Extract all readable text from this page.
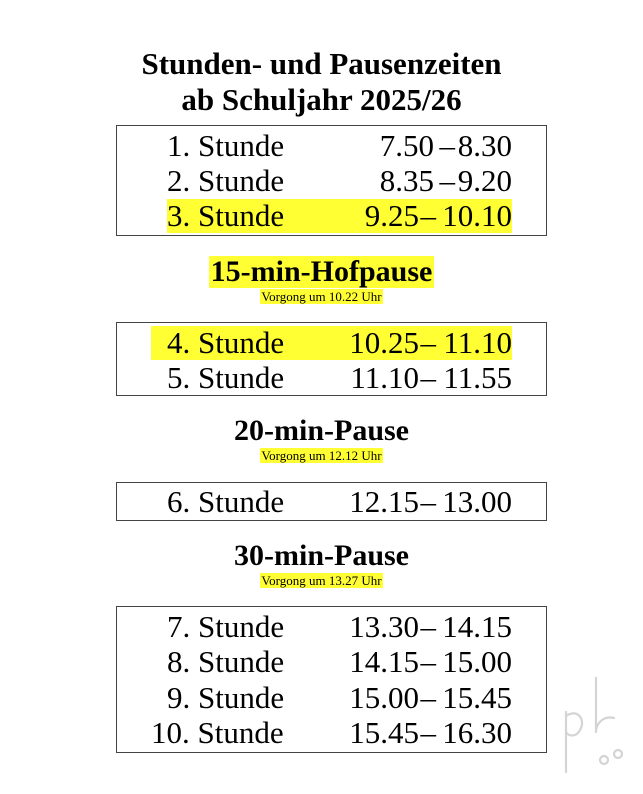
Stunden- und Pausenzeiten
ab Schuljahr 2025/26
1. Stunde	7.50 – 8.30
2. Stunde	8.35 – 9.20
3. Stunde	9.25 – 10.10
15-min-Hofpause
Vorgong um 10.22 Uhr
4. Stunde 10.25 – 11.10
5. Stunde 11.10 – 11.55
20-min-Pause
Vorgong um 12.12 Uhr
6. Stunde 12.15 – 13.00
30-min-Pause
Vorgong um 13.27 Uhr
7. Stunde 13.30 – 14.15
8. Stunde 14.15 – 15.00
9. Stunde 15.00 – 15.45
10. Stunde 15.45 – 16.30
